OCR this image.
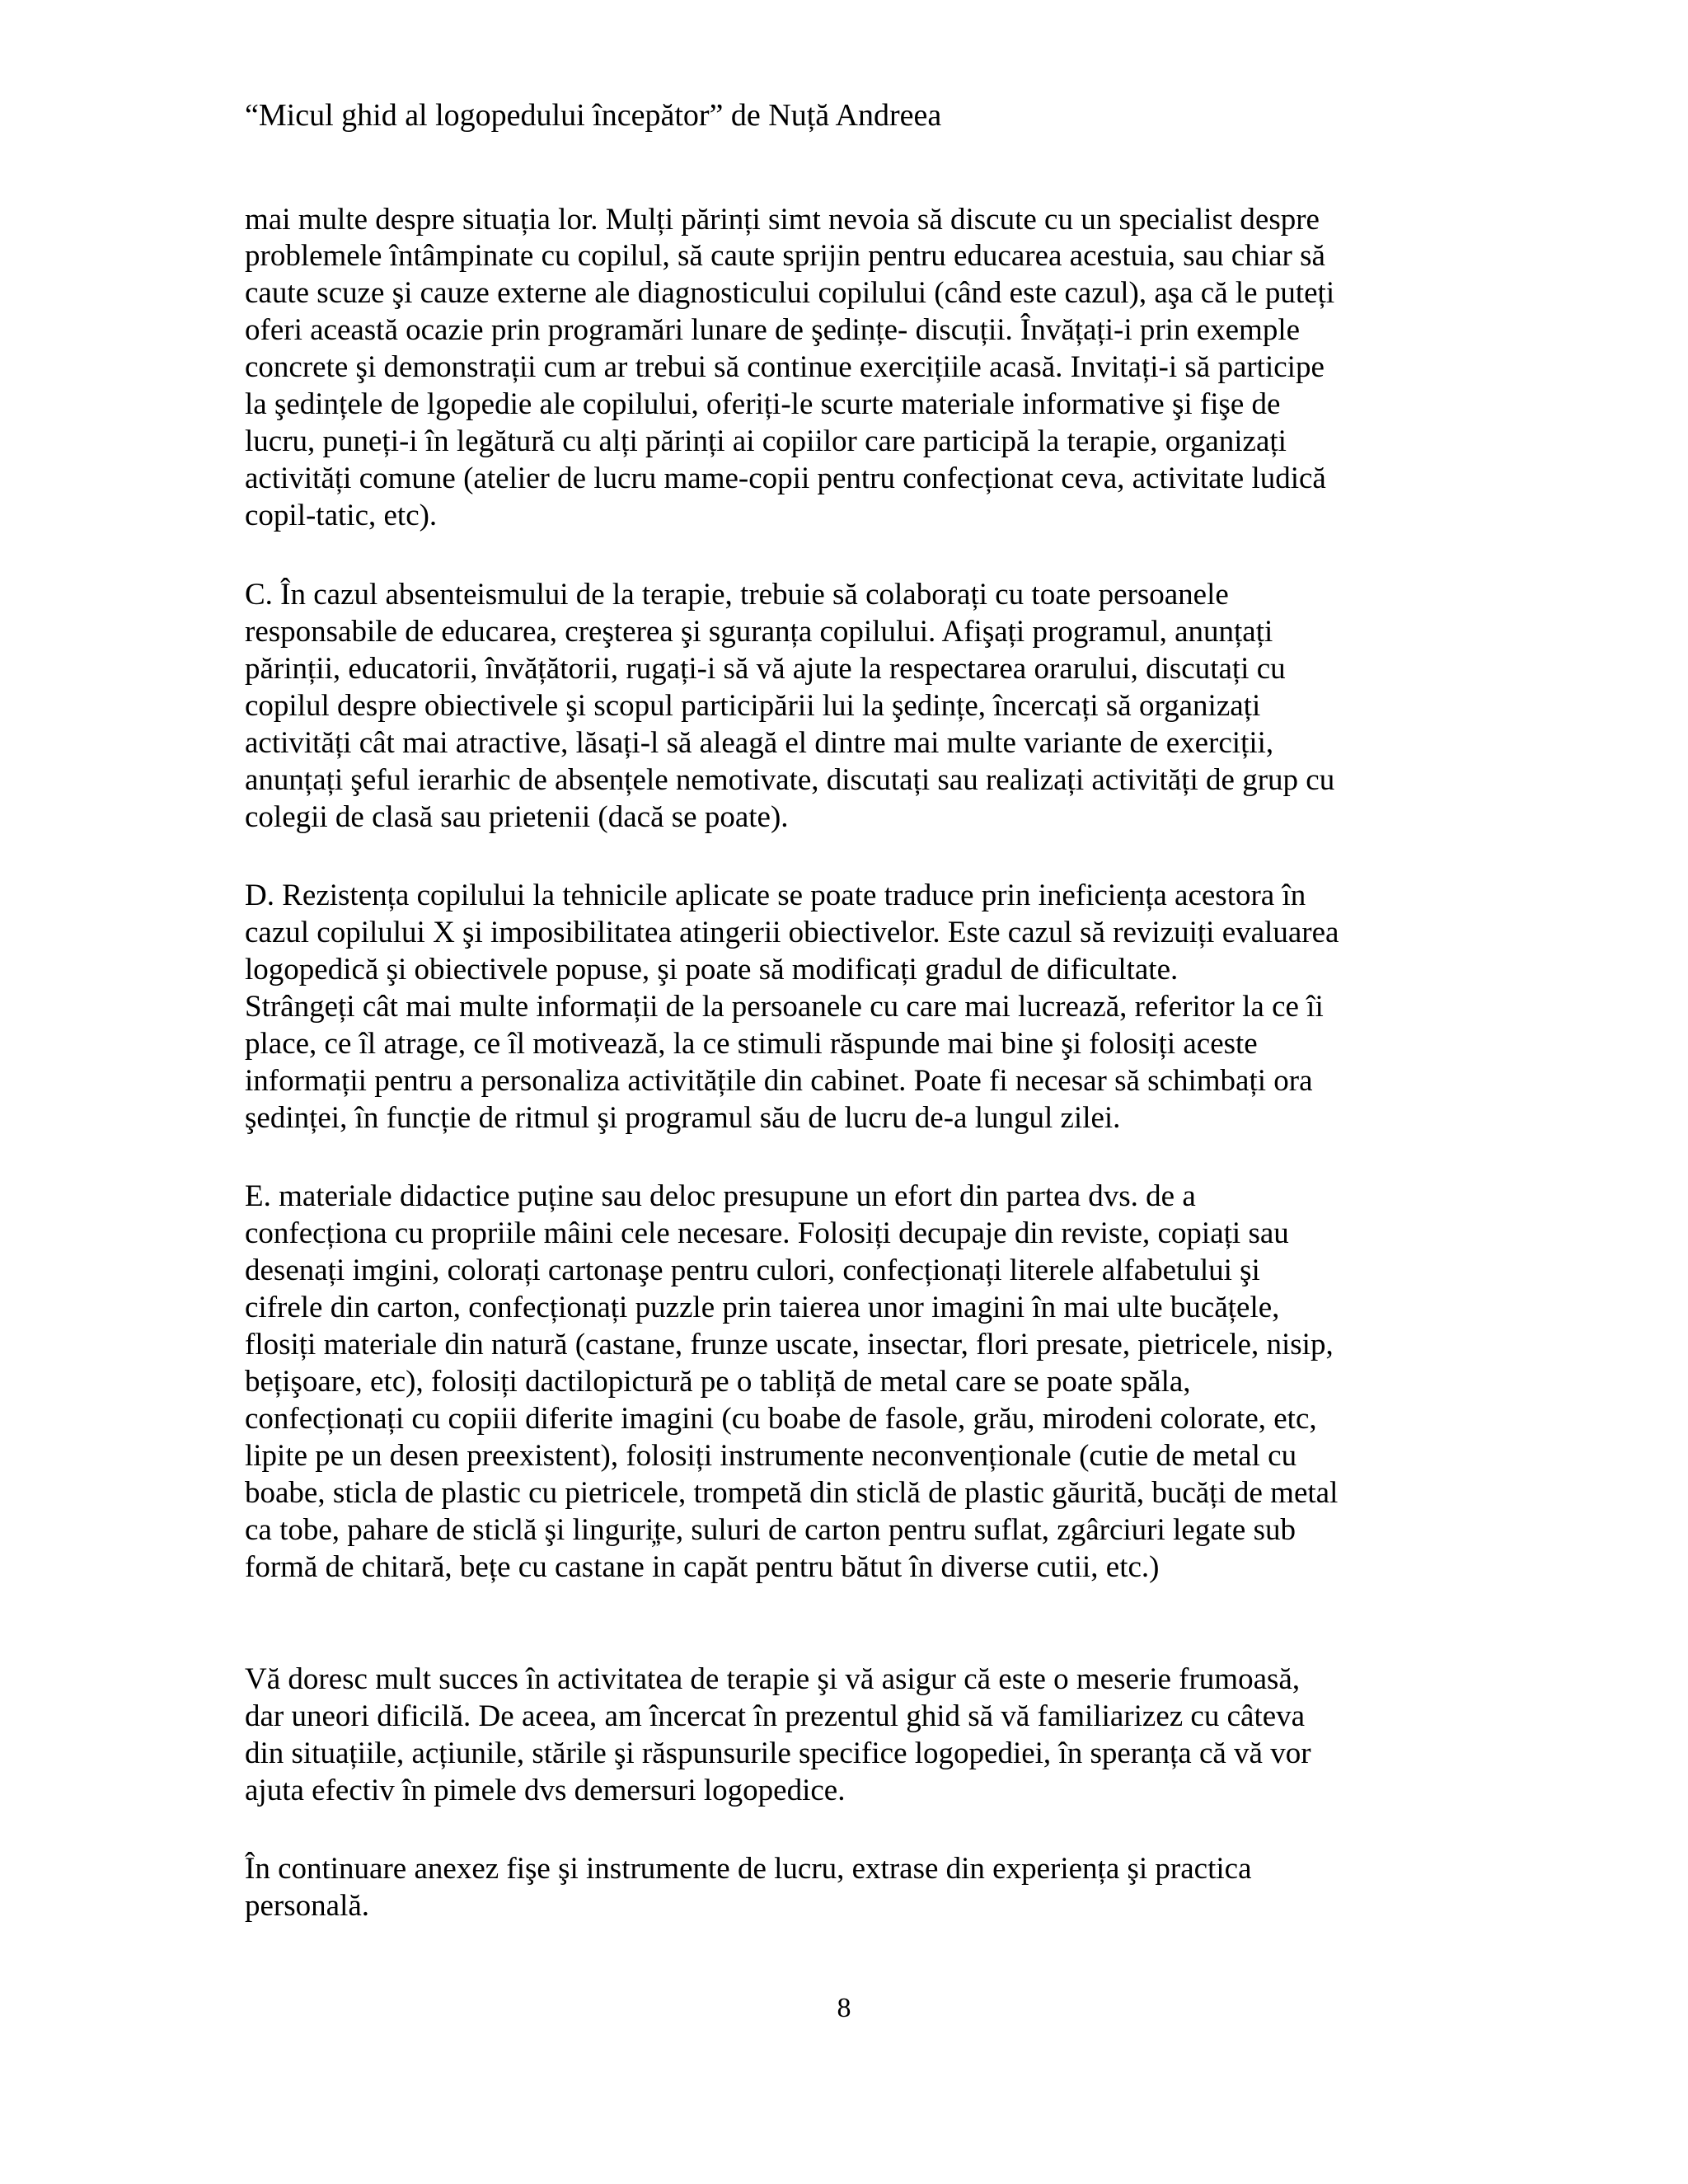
“Micul ghid al logopedului începător” de Nuță Andreea
mai multe despre situația lor. Mulți părinți simt nevoia să discute cu un specialist despre
problemele întâmpinate cu copilul, să caute sprijin pentru educarea acestuia, sau chiar să
caute scuze şi cauze externe ale diagnosticului copilului (când este cazul), aşa că le puteți
oferi această ocazie prin programări lunare de şedințe- discuții. Învățați-i prin exemple
concrete şi demonstrații cum ar trebui să continue exercițiile acasă. Invitați-i să participe
la şedințele de lgopedie ale copilului, oferiți-le scurte materiale informative şi fişe de
lucru, puneți-i în legătură cu alți părinți ai copiilor care participă la terapie, organizați
activități comune (atelier de lucru mame-copii pentru confecționat ceva, activitate ludică
copil-tatic, etc).
C. În cazul absenteismului de la terapie, trebuie să colaborați cu toate persoanele
responsabile de educarea, creşterea şi sguranța copilului. Afişați programul, anunțați
părinții, educatorii, învățătorii, rugați-i să vă ajute la respectarea orarului, discutați cu
copilul despre obiectivele şi scopul participării lui la şedințe, încercați să organizați
activități cât mai atractive, lăsați-l să aleagă el dintre mai multe variante de exerciții,
anunțați şeful ierarhic de absențele nemotivate, discutați sau realizați activități de grup cu
colegii de clasă sau prietenii (dacă se poate).
D. Rezistența copilului la tehnicile aplicate se poate traduce prin ineficiența acestora în
cazul copilului X şi imposibilitatea atingerii obiectivelor. Este cazul să revizuiți evaluarea
logopedică şi obiectivele popuse, şi poate să modificați gradul de dificultate.
Strângeți cât mai multe informații de la persoanele cu care mai lucrează, referitor la ce îi
place, ce îl atrage, ce îl motivează, la ce stimuli răspunde mai bine şi folosiți aceste
informații pentru a personaliza activitățile din cabinet. Poate fi necesar să schimbați ora
şedinței, în funcție de ritmul şi programul său de lucru de-a lungul zilei.
E. materiale didactice puține sau deloc presupune un efort din partea dvs. de a
confecționa cu propriile mâini cele necesare. Folosiți decupaje din reviste, copiați sau
desenați imgini, colorați cartonaşe pentru culori, confecționați literele alfabetului şi
cifrele din carton, confecționați puzzle prin taierea unor imagini în mai ulte bucățele,
flosiți materiale din natură (castane, frunze uscate, insectar, flori presate, pietricele, nisip,
bețişoare, etc), folosiți dactilopictură pe o tabliță de metal care se poate spăla,
confecționați cu copiii diferite imagini (cu boabe de fasole, grău, mirodeni colorate, etc,
lipite pe un desen preexistent), folosiți instrumente neconvenționale (cutie de metal cu
boabe, sticla de plastic cu pietricele, trompetă din sticlă de plastic găurită, bucăți de metal
ca tobe, pahare de sticlă şi linguri̦țe, suluri de carton pentru suflat, zgârciuri legate sub
formă de chitară, bețe cu castane in capăt pentru bătut în diverse cutii, etc.)
Vă doresc mult succes în activitatea de terapie şi vă asigur că este o meserie frumoasă,
dar uneori dificilă. De aceea, am încercat în prezentul ghid să vă familiarizez cu câteva
din situațiile, acțiunile, stările şi răspunsurile specifice logopediei, în speranța că vă vor
ajuta efectiv în pimele dvs demersuri logopedice.
În continuare anexez fişe şi instrumente de lucru, extrase din experiența şi practica
personală.
8
